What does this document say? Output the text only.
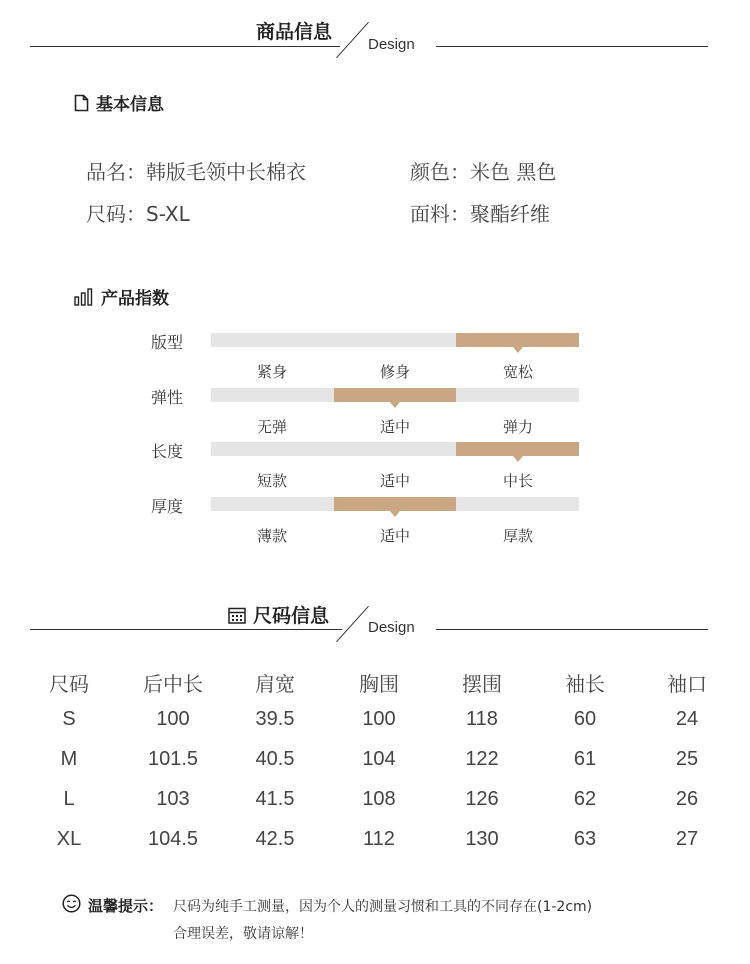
商品信息
Design
基本信息
品名：韩版毛领中长棉衣	颜色：米色 黑色
尺码：S-XL	面料：聚酯纤维
产品指数
版型
紧身	修身	宽松
弹性
无弹	适中	弹力
长度
短款	适中	中长
厚度
薄款	适中	厚款
尺码信息
Design
尺码	后中长	肩宽	胸围	摆围	袖长	袖口
S	100	39.5	100	118	60	24
M	101.5	40.5	104	122	61	25
L	103	41.5	108	126	62	26
XL	104.5	42.5	112	130	63	27
温馨提示： 尺码为纯手工测量，因为个人的测量习惯和工具的不同存在(1-2cm)
合理误差，敬请谅解！
